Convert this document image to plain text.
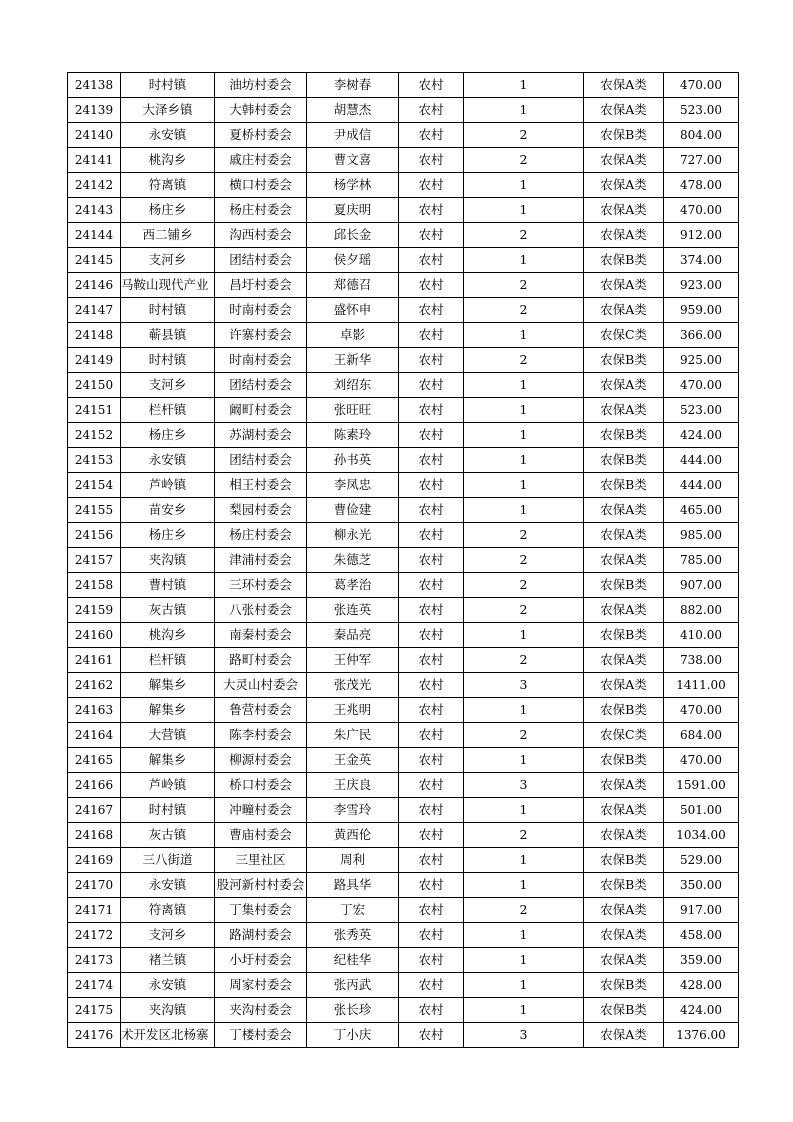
24138	时村镇	油坊村委会	李树春	农村	1	农保A类	470.00
24139	大泽乡镇	大韩村委会	胡慧杰	农村	1	农保A类	523.00
24140	永安镇	夏桥村委会	尹成信	农村	2	农保B类	804.00
24141	桃沟乡	戚庄村委会	曹文喜	农村	2	农保A类	727.00
24142	符离镇	横口村委会	杨学林	农村	1	农保A类	478.00
24143	杨庄乡	杨庄村委会	夏庆明	农村	1	农保A类	470.00
24144	西二铺乡	沟西村委会	邱长金	农村	2	农保A类	912.00
24145	支河乡	团结村委会	侯夕瑶	农村	1	农保B类	374.00
24146	马鞍山现代产业	昌圩村委会	郑德召	农村	2	农保A类	923.00
24147	时村镇	时南村委会	盛怀申	农村	2	农保A类	959.00
24148	蕲县镇	许寨村委会	卓影	农村	1	农保C类	366.00
24149	时村镇	时南村委会	王新华	农村	2	农保B类	925.00
24150	支河乡	团结村委会	刘绍东	农村	1	农保A类	470.00
24151	栏杆镇	阚町村委会	张旺旺	农村	1	农保A类	523.00
24152	杨庄乡	苏湖村委会	陈素玲	农村	1	农保B类	424.00
24153	永安镇	团结村委会	孙书英	农村	1	农保B类	444.00
24154	芦岭镇	相王村委会	李凤忠	农村	1	农保B类	444.00
24155	苗安乡	梨园村委会	曹俭建	农村	1	农保A类	465.00
24156	杨庄乡	杨庄村委会	柳永光	农村	2	农保A类	985.00
24157	夹沟镇	津浦村委会	朱德芝	农村	2	农保A类	785.00
24158	曹村镇	三环村委会	葛孝治	农村	2	农保B类	907.00
24159	灰古镇	八张村委会	张连英	农村	2	农保A类	882.00
24160	桃沟乡	南秦村委会	秦品亮	农村	1	农保B类	410.00
24161	栏杆镇	路町村委会	王仲军	农村	2	农保A类	738.00
24162	解集乡	大灵山村委会	张茂光	农村	3	农保A类	1411.00
24163	解集乡	鲁营村委会	王兆明	农村	1	农保B类	470.00
24164	大营镇	陈李村委会	朱广民	农村	2	农保C类	684.00
24165	解集乡	柳源村委会	王金英	农村	1	农保B类	470.00
24166	芦岭镇	桥口村委会	王庆良	农村	3	农保A类	1591.00
24167	时村镇	冲疃村委会	李雪玲	农村	1	农保A类	501.00
24168	灰古镇	曹庙村委会	黄西伦	农村	2	农保A类	1034.00
24169	三八街道	三里社区	周利	农村	1	农保B类	529.00
24170	永安镇	股河新村村委会	路具华	农村	1	农保B类	350.00
24171	符离镇	丁集村委会	丁宏	农村	2	农保A类	917.00
24172	支河乡	路湖村委会	张秀英	农村	1	农保A类	458.00
24173	褚兰镇	小圩村委会	纪桂华	农村	1	农保A类	359.00
24174	永安镇	周家村委会	张丙武	农村	1	农保B类	428.00
24175	夹沟镇	夹沟村委会	张长珍	农村	1	农保B类	424.00
24176	术开发区北杨寨	丁楼村委会	丁小庆	农村	3	农保A类	1376.00
